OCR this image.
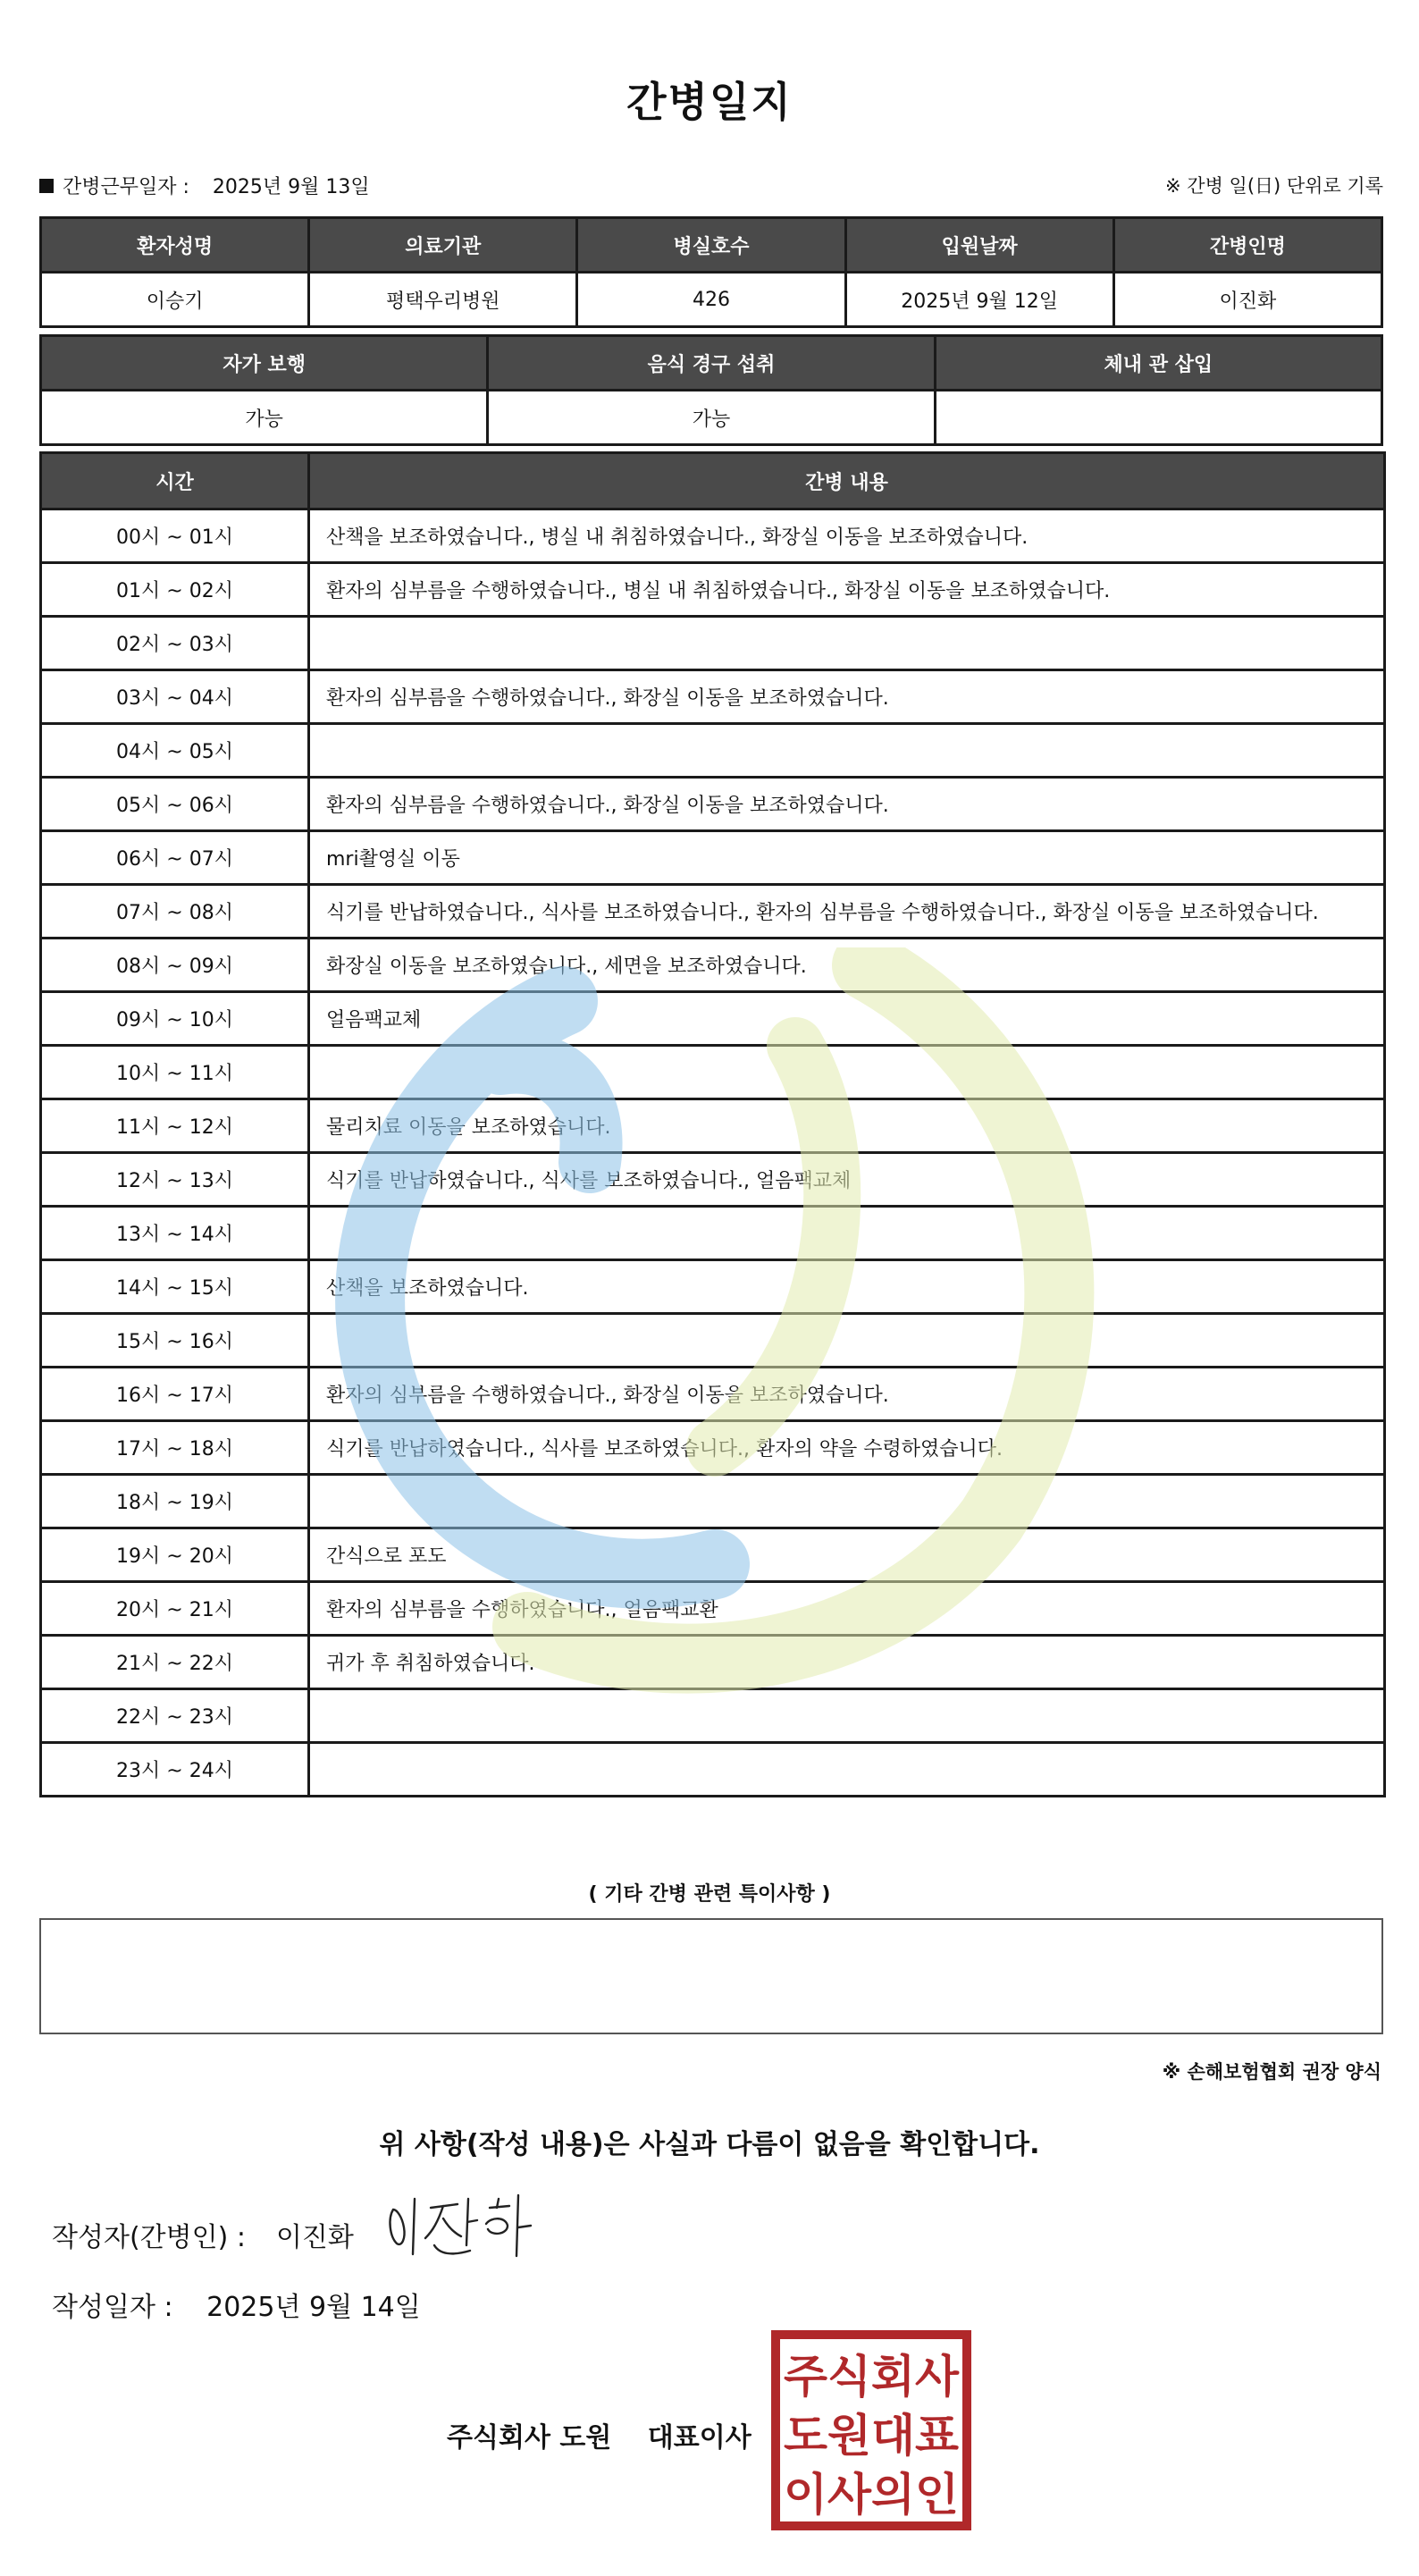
간병일지
간병근무일자 : 2025년 9월 13일	※ 간병 일(日) 단위로 기록
환자성명	의료기관	병실호수	입원날짜	간병인명
이승기	평택우리병원	426	2025년 9월 12일	이진화
자가 보행	음식 경구 섭취	체내 관 삽입
가능	가능	
시간	간병 내용
00시 ~ 01시	산책을 보조하였습니다., 병실 내 취침하였습니다., 화장실 이동을 보조하였습니다.
01시 ~ 02시	환자의 심부름을 수행하였습니다., 병실 내 취침하였습니다., 화장실 이동을 보조하였습니다.
02시 ~ 03시	
03시 ~ 04시	환자의 심부름을 수행하였습니다., 화장실 이동을 보조하였습니다.
04시 ~ 05시	
05시 ~ 06시	환자의 심부름을 수행하였습니다., 화장실 이동을 보조하였습니다.
06시 ~ 07시	mri촬영실 이동
07시 ~ 08시	식기를 반납하였습니다., 식사를 보조하였습니다., 환자의 심부름을 수행하였습니다., 화장실 이동을 보조하였습니다.
08시 ~ 09시	화장실 이동을 보조하였습니다., 세면을 보조하였습니다.
09시 ~ 10시	얼음팩교체
10시 ~ 11시	
11시 ~ 12시	물리치료 이동을 보조하였습니다.
12시 ~ 13시	식기를 반납하였습니다., 식사를 보조하였습니다., 얼음팩교체
13시 ~ 14시	
14시 ~ 15시	산책을 보조하였습니다.
15시 ~ 16시	
16시 ~ 17시	환자의 심부름을 수행하였습니다., 화장실 이동을 보조하였습니다.
17시 ~ 18시	식기를 반납하였습니다., 식사를 보조하였습니다., 환자의 약을 수령하였습니다.
18시 ~ 19시	
19시 ~ 20시	간식으로 포도
20시 ~ 21시	환자의 심부름을 수행하였습니다., 얼음팩교환
21시 ~ 22시	귀가 후 취침하였습니다.
22시 ~ 23시	
23시 ~ 24시	
( 기타 간병 관련 특이사항 )
※ 손해보험협회 권장 양식
위 사항(작성 내용)은 사실과 다름이 없음을 확인합니다.
작성자(간병인) : 이진화
작성일자 : 2025년 9월 14일
주식회사 도원 대표이사
주식회사
도원대표
이사의인
